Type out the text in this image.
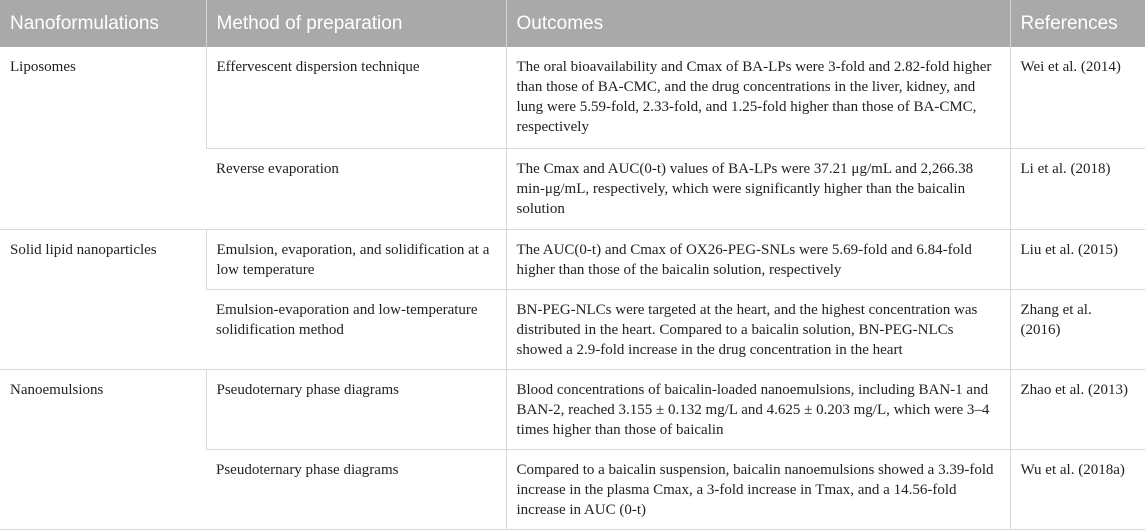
Nanoformulations	Method of preparation	Outcomes	References
Liposomes	Effervescent dispersion technique	The oral bioavailability and Cmax of BA-LPs were 3-fold and 2.82-fold higher than those of BA-CMC, and the drug concentrations in the liver, kidney, and lung were 5.59-fold, 2.33-fold, and 1.25-fold higher than those of BA-CMC, respectively	Wei et al. (2014)
	Reverse evaporation	The Cmax and AUC(0-t) values of BA-LPs were 37.21 μg/mL and 2,266.38 min-μg/mL, respectively, which were significantly higher than the baicalin solution	Li et al. (2018)
Solid lipid nanoparticles	Emulsion, evaporation, and solidification at a low temperature	The AUC(0-t) and Cmax of OX26-PEG-SNLs were 5.69-fold and 6.84-fold higher than those of the baicalin solution, respectively	Liu et al. (2015)
	Emulsion-evaporation and low-temperature solidification method	BN-PEG-NLCs were targeted at the heart, and the highest concentration was distributed in the heart. Compared to a baicalin solution, BN-PEG-NLCs showed a 2.9-fold increase in the drug concentration in the heart	Zhang et al. (2016)
Nanoemulsions	Pseudoternary phase diagrams	Blood concentrations of baicalin-loaded nanoemulsions, including BAN-1 and BAN-2, reached 3.155 ± 0.132 mg/L and 4.625 ± 0.203 mg/L, which were 3–4 times higher than those of baicalin	Zhao et al. (2013)
	Pseudoternary phase diagrams	Compared to a baicalin suspension, baicalin nanoemulsions showed a 3.39-fold increase in the plasma Cmax, a 3-fold increase in Tmax, and a 14.56-fold increase in AUC (0-t)	Wu et al. (2018a)
